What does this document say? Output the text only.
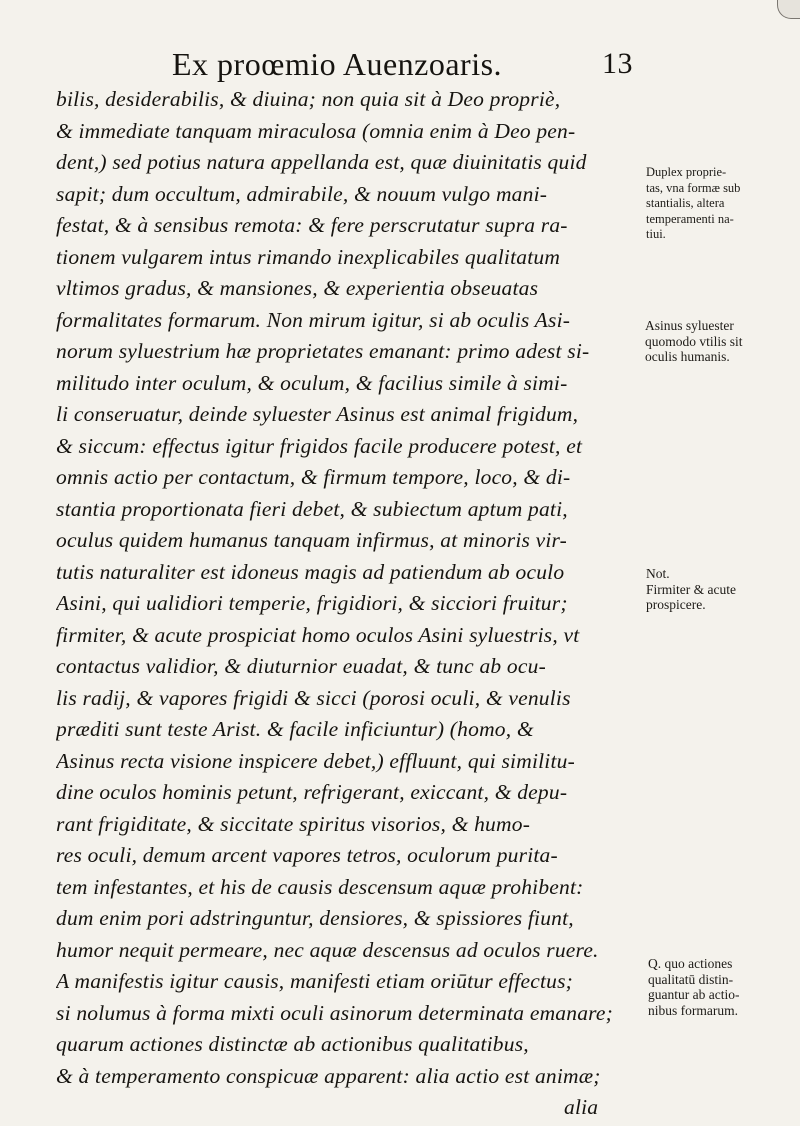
Ex proœmio Auenzoaris.	13

bilis, desiderabilis, & diuina; non quia sit à Deo propriè,
& immediate tanquam miraculosa (omnia enim à Deo pen-
dent,) sed potius natura appellanda est, quæ diuinitatis quid
sapit; dum occultum, admirabile, & nouum vulgo mani-
festat, & à sensibus remota: & fere perscrutatur supra ra-
tionem vulgarem intus rimando inexplicabiles qualitatum
vltimos gradus, & mansiones, & experientia obseuatas
formalitates formarum. Non mirum igitur, si ab oculis Asi-
norum syluestrium hæ proprietates emanant: primo adest si-
militudo inter oculum, & oculum, & facilius simile à simi-
li conseruatur, deinde syluester Asinus est animal frigidum,
& siccum: effectus igitur frigidos facile producere potest, et
omnis actio per contactum, & firmum tempore, loco, & di-
stantia proportionata fieri debet, & subiectum aptum pati,
oculus quidem humanus tanquam infirmus, at minoris vir-
tutis naturaliter est idoneus magis ad patiendum ab oculo
Asini, qui ualidiori temperie, frigidiori, & sicciori fruitur;
firmiter, & acute prospiciat homo oculos Asini syluestris, vt
contactus validior, & diuturnior euadat, & tunc ab ocu-
lis radij, & vapores frigidi & sicci (porosi oculi, & venulis
præditi sunt teste Arist. & facile inficiuntur) (homo, &
Asinus recta visione inspicere debet,) effluunt, qui similitu-
dine oculos hominis petunt, refrigerant, exiccant, & depu-
rant frigiditate, & siccitate spiritus visorios, & humo-
res oculi, demum arcent vapores tetros, oculorum purita-
tem infestantes, et his de causis descensum aquæ prohibent:
dum enim pori adstringuntur, densiores, & spissiores fiunt,
humor nequit permeare, nec aquæ descensus ad oculos ruere.
A manifestis igitur causis, manifesti etiam oriūtur effectus;
si nolumus à forma mixti oculi asinorum determinata emanare;
quarum actiones distinctæ ab actionibus qualitatibus,
& à temperamento conspicuæ apparent: alia actio est animæ;
alia
Duplex proprie-
tas, vna formæ sub
stantialis, altera
temperamenti na-
tiui.
Asinus syluester
quomodo vtilis sit
oculis humanis.
Not.
Firmiter & acute
prospicere.
Q. quo actiones
qualitatū distin-
guantur ab actio-
nibus formarum.
